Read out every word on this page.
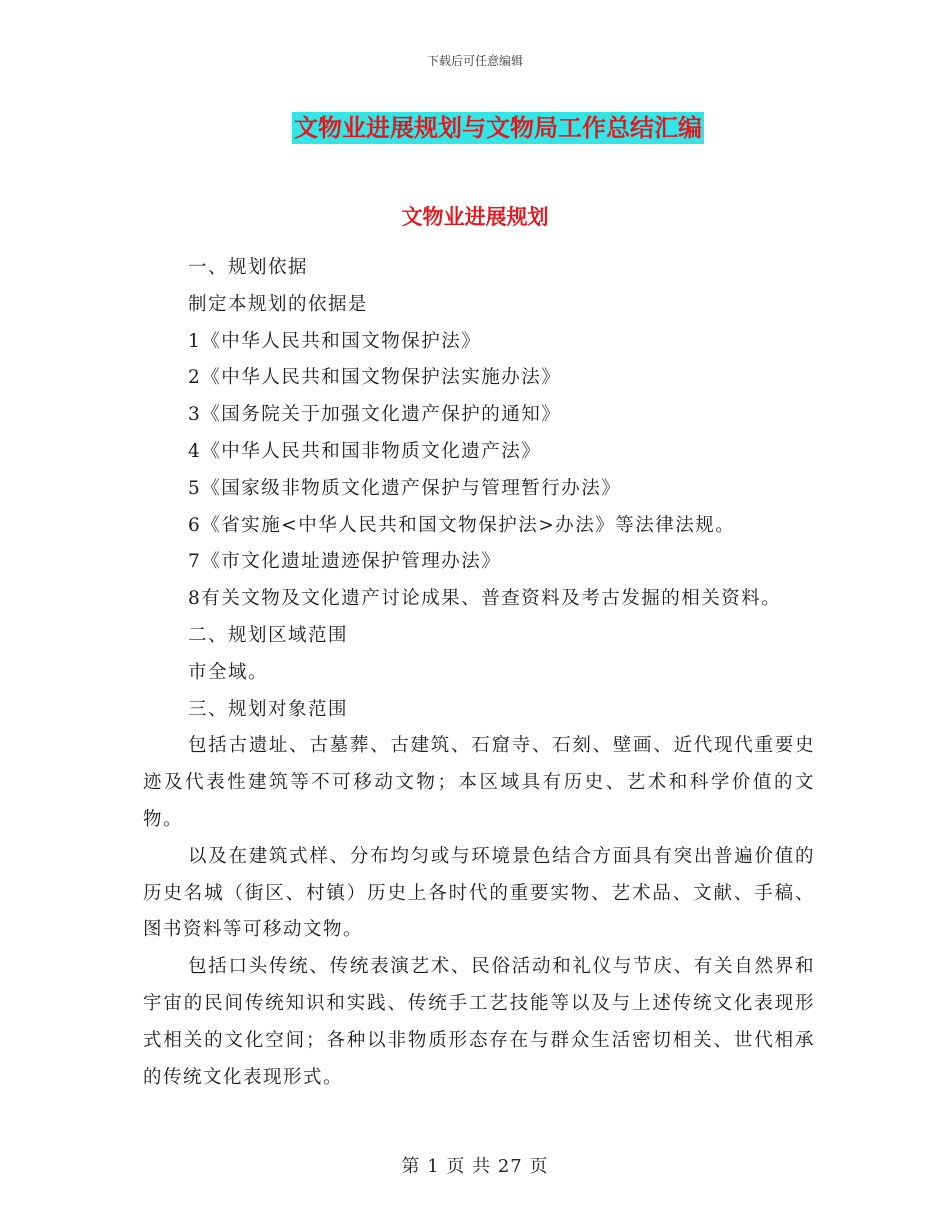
下载后可任意编辑
文物业进展规划与文物局工作总结汇编
文物业进展规划

一、规划依据

制定本规划的依据是

1《中华人民共和国文物保护法》

2《中华人民共和国文物保护法实施办法》

3《国务院关于加强文化遗产保护的通知》

4《中华人民共和国非物质文化遗产法》

5《国家级非物质文化遗产保护与管理暂行办法》

6《省实施<中华人民共和国文物保护法>办法》等法律法规。

7《市文化遗址遗迹保护管理办法》

8有关文物及文化遗产讨论成果、普查资料及考古发掘的相关资料。

二、规划区域范围

市全域。

三、规划对象范围

包括古遗址、古墓葬、古建筑、石窟寺、石刻、壁画、近代现代重要史迹及代表性建筑等不可移动文物；本区域具有历史、艺术和科学价值的文物。

以及在建筑式样、分布均匀或与环境景色结合方面具有突出普遍价值的历史名城（街区、村镇）历史上各时代的重要实物、艺术品、文献、手稿、图书资料等可移动文物。

包括口头传统、传统表演艺术、民俗活动和礼仪与节庆、有关自然界和宇宙的民间传统知识和实践、传统手工艺技能等以及与上述传统文化表现形式相关的文化空间；各种以非物质形态存在与群众生活密切相关、世代相承的传统文化表现形式。

第 1 页 共 27 页
